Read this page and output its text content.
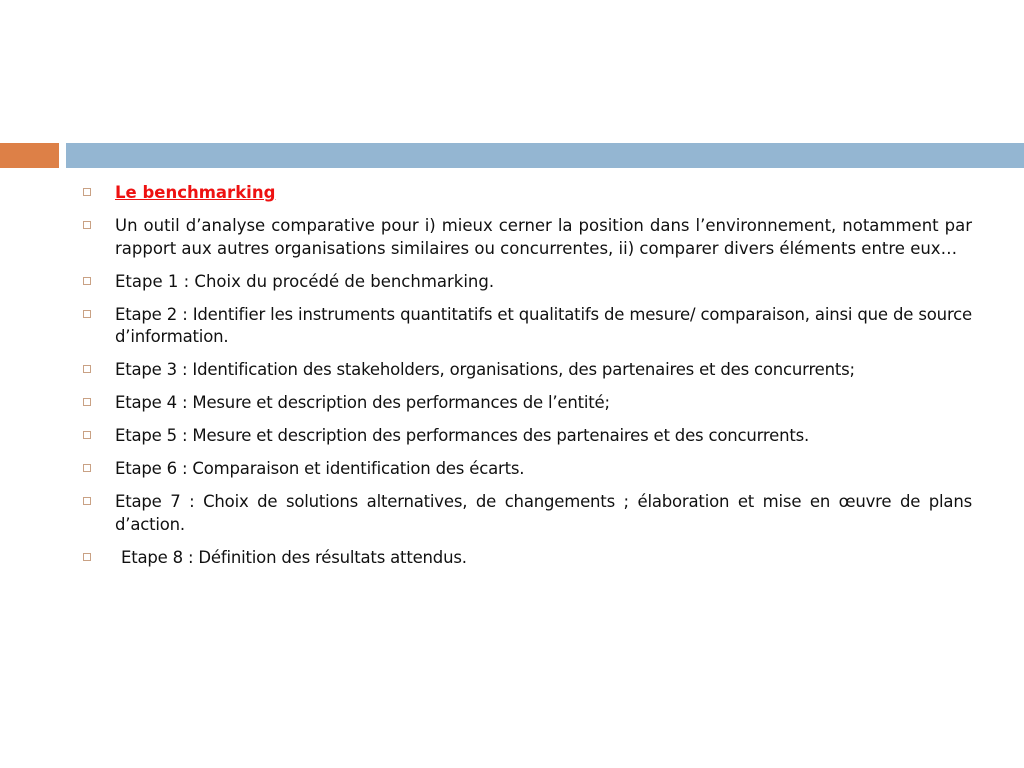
Le benchmarking
Un outil d’analyse comparative pour i) mieux cerner la position dans l’environnement, notamment par rapport aux autres organisations similaires ou concurrentes, ii) comparer divers éléments entre eux…
Etape 1 : Choix du procédé de benchmarking.
Etape 2 : Identifier les instruments quantitatifs et qualitatifs de mesure/ comparaison, ainsi que de source d’information.
Etape 3 : Identification des stakeholders, organisations, des partenaires et des concurrents;
Etape 4 : Mesure et description des performances de l’entité;
Etape 5 : Mesure et description des performances des partenaires et des concurrents.
Etape 6 : Comparaison et identification des écarts.
Etape 7 : Choix de solutions alternatives, de changements ; élaboration et mise en œuvre de plans d’action.
Etape 8 : Définition des résultats attendus.
